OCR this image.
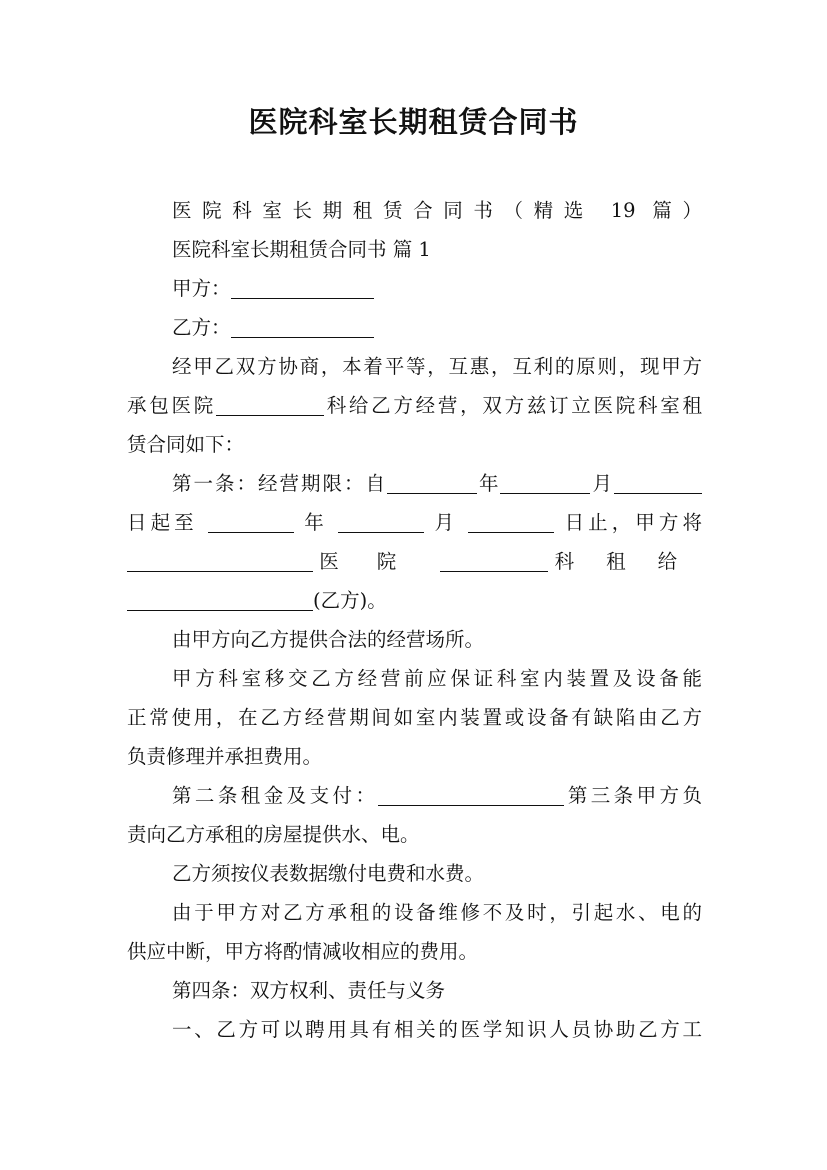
医院科室长期租赁合同书

医院科室长期租赁合同书（精选 19 篇）

医院科室长期租赁合同书 篇 1

甲方：

乙方：

经甲乙双方协商，本着平等，互惠，互利的原则，现甲方

承包医院	科给乙方经营，双方兹订立医院科室租

赁合同如下：

第一条：经营期限：自	年	月

日起至	年	月	日止，甲方将

医院	科租给

(乙方)。

由甲方向乙方提供合法的经营场所。

甲方科室移交乙方经营前应保证科室内装置及设备能

正常使用，在乙方经营期间如室内装置或设备有缺陷由乙方

负责修理并承担费用。

第二条租金及支付：	第三条甲方负

责向乙方承租的房屋提供水、电。

乙方须按仪表数据缴付电费和水费。

由于甲方对乙方承租的设备维修不及时，引起水、电的

供应中断，甲方将酌情减收相应的费用。

第四条：双方权利、责任与义务

一、乙方可以聘用具有相关的医学知识人员协助乙方工
